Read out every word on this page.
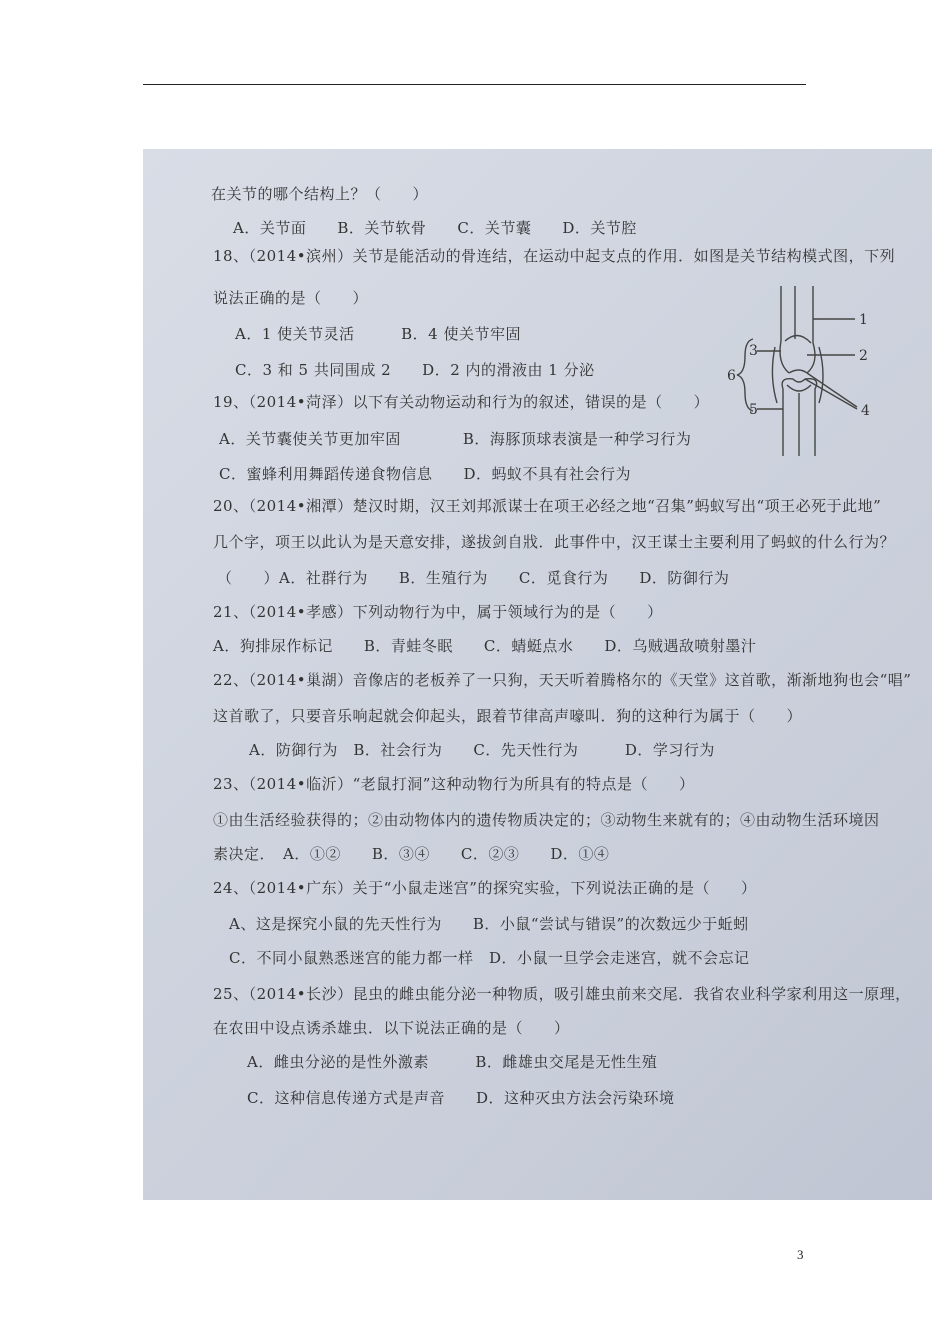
在关节的哪个结构上？（　　）
A．关节面　　B．关节软骨　　C．关节囊　　D．关节腔
18、（2014•滨州）关节是能活动的骨连结，在运动中起支点的作用．如图是关节结构模式图，下列
说法正确的是（　　）
A．1 使关节灵活　　　B．4 使关节牢固
C．3 和 5 共同围成 2　　D．2 内的滑液由 1 分泌
19、（2014•菏泽）以下有关动物运动和行为的叙述，错误的是（　　）
A．关节囊使关节更加牢固　　　　B．海豚顶球表演是一种学习行为
C．蜜蜂利用舞蹈传递食物信息　　D．蚂蚁不具有社会行为
20、（2014•湘潭）楚汉时期，汉王刘邦派谋士在项王必经之地“召集”蚂蚁写出“项王必死于此地”
几个字，项王以此认为是天意安排，遂拔剑自戕．此事件中，汉王谋士主要利用了蚂蚁的什么行为？
（　　）A．社群行为　　B．生殖行为　　C．觅食行为　　D．防御行为
21、（2014•孝感）下列动物行为中，属于领域行为的是（　　）
A．狗排尿作标记　　B．青蛙冬眠　　C．蜻蜓点水　　D．乌贼遇敌喷射墨汁
22、（2014•巢湖）音像店的老板养了一只狗，天天听着腾格尔的《天堂》这首歌，渐渐地狗也会“唱”
这首歌了，只要音乐响起就会仰起头，跟着节律高声嚎叫．狗的这种行为属于（　　）
A．防御行为　B．社会行为　　C．先天性行为　　　D．学习行为
23、（2014•临沂）“老鼠打洞”这种动物行为所具有的特点是（　　）
①由生活经验获得的；②由动物体内的遗传物质决定的；③动物生来就有的；④由动物生活环境因
素决定．　A．①②　　B．③④　　C．②③　　D．①④
24、（2014•广东）关于“小鼠走迷宫”的探究实验，下列说法正确的是（　　）
A、这是探究小鼠的先天性行为　　B．小鼠“尝试与错误”的次数远少于蚯蚓
C．不同小鼠熟悉迷宫的能力都一样　D．小鼠一旦学会走迷宫，就不会忘记
25、（2014•长沙）昆虫的雌虫能分泌一种物质，吸引雄虫前来交尾．我省农业科学家利用这一原理，
在农田中设点诱杀雄虫．以下说法正确的是（　　）
A．雌虫分泌的是性外激素　　　B．雌雄虫交尾是无性生殖
C．这种信息传递方式是声音　　D．这种灭虫方法会污染环境
1
2
3
4
5
6
3
